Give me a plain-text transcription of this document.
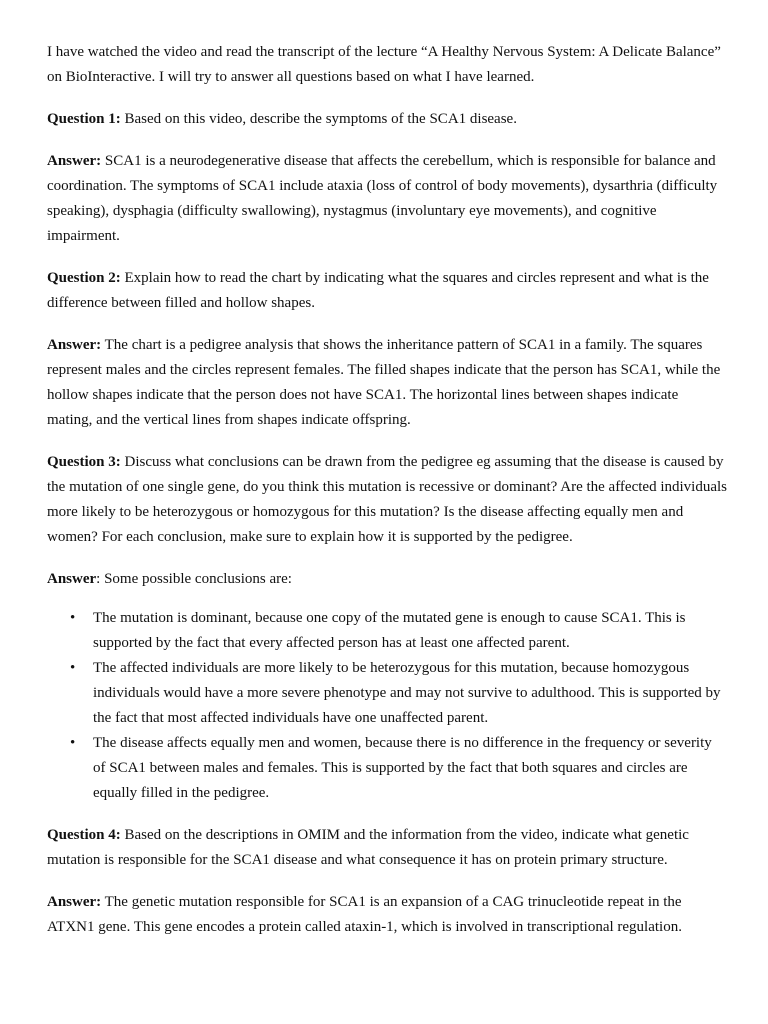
I have watched the video and read the transcript of the lecture “A Healthy Nervous System: A Delicate Balance” on BioInteractive. I will try to answer all questions based on what I have learned.

Question 1: Based on this video, describe the symptoms of the SCA1 disease.

Answer: SCA1 is a neurodegenerative disease that affects the cerebellum, which is responsible for balance and coordination. The symptoms of SCA1 include ataxia (loss of control of body movements), dysarthria (difficulty speaking), dysphagia (difficulty swallowing), nystagmus (involuntary eye movements), and cognitive impairment.

Question 2: Explain how to read the chart by indicating what the squares and circles represent and what is the difference between filled and hollow shapes.

Answer: The chart is a pedigree analysis that shows the inheritance pattern of SCA1 in a family. The squares represent males and the circles represent females. The filled shapes indicate that the person has SCA1, while the hollow shapes indicate that the person does not have SCA1. The horizontal lines between shapes indicate mating, and the vertical lines from shapes indicate offspring.

Question 3: Discuss what conclusions can be drawn from the pedigree eg assuming that the disease is caused by the mutation of one single gene, do you think this mutation is recessive or dominant? Are the affected individuals more likely to be heterozygous or homozygous for this mutation? Is the disease affecting equally men and women? For each conclusion, make sure to explain how it is supported by the pedigree.

Answer: Some possible conclusions are:

• The mutation is dominant, because one copy of the mutated gene is enough to cause SCA1. This is supported by the fact that every affected person has at least one affected parent.
• The affected individuals are more likely to be heterozygous for this mutation, because homozygous individuals would have a more severe phenotype and may not survive to adulthood. This is supported by the fact that most affected individuals have one unaffected parent.
• The disease affects equally men and women, because there is no difference in the frequency or severity of SCA1 between males and females. This is supported by the fact that both squares and circles are equally filled in the pedigree.

Question 4: Based on the descriptions in OMIM and the information from the video, indicate what genetic mutation is responsible for the SCA1 disease and what consequence it has on protein primary structure.

Answer: The genetic mutation responsible for SCA1 is an expansion of a CAG trinucleotide repeat in the ATXN1 gene. This gene encodes a protein called ataxin-1, which is involved in transcriptional regulation.
